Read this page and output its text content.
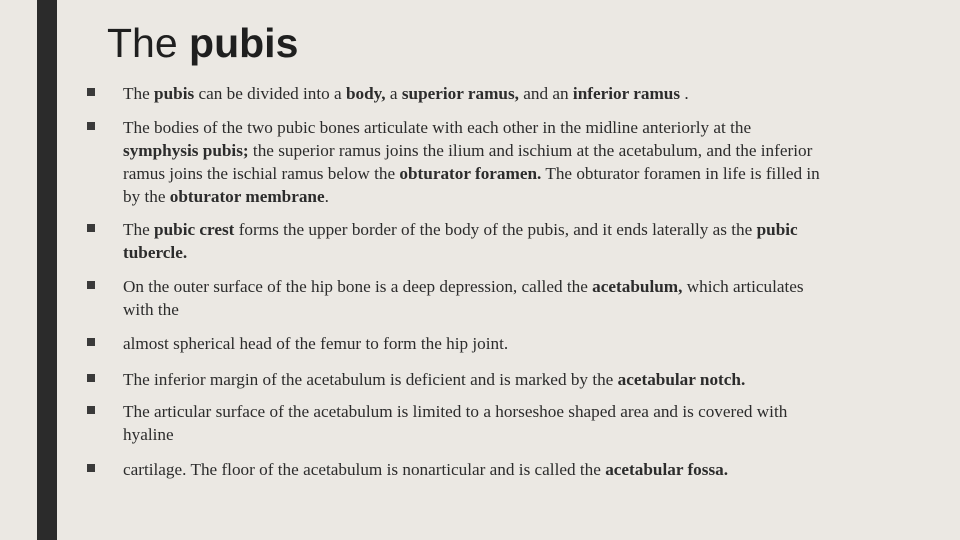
The pubis
The pubis can be divided into a body, a superior ramus, and an inferior ramus .
The bodies of the two pubic bones articulate with each other in the midline anteriorly at the
symphysis pubis; the superior ramus joins the ilium and ischium at the acetabulum, and the inferior
ramus joins the ischial ramus below the obturator foramen. The obturator foramen in life is filled in
by the obturator membrane.
The pubic crest forms the upper border of the body of the pubis, and it ends laterally as the pubic
tubercle.
On the outer surface of the hip bone is a deep depression, called the acetabulum, which articulates
with the
almost spherical head of the femur to form the hip joint.
The inferior margin of the acetabulum is deficient and is marked by the acetabular notch.
The articular surface of the acetabulum is limited to a horseshoe shaped area and is covered with
hyaline
cartilage. The floor of the acetabulum is nonarticular and is called the acetabular fossa.
